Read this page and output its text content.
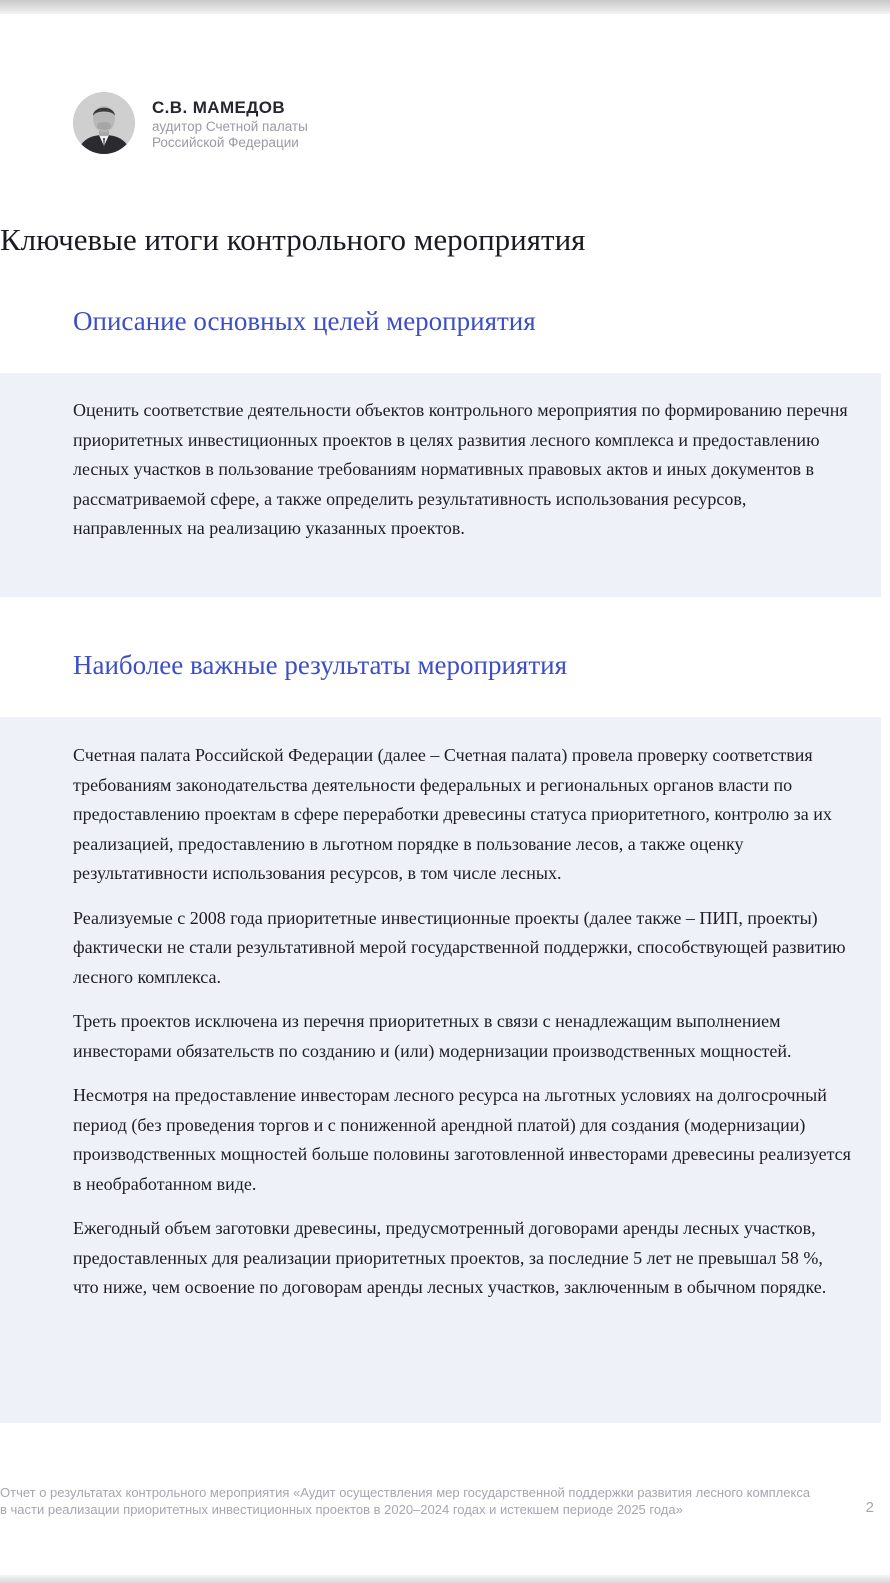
С.В. МАМЕДОВ
аудитор Счетной палаты
Российской Федерации
Ключевые итоги контрольного мероприятия
Описание основных целей мероприятия

Оценить соответствие деятельности объектов контрольного мероприятия по формированию перечня приоритетных инвестиционных проектов в целях развития лесного комплекса и предоставлению лесных участков в пользование требованиям нормативных правовых актов и иных документов в рассматриваемой сфере, а также определить результативность использования ресурсов, направленных на реализацию указанных проектов.

Наиболее важные результаты мероприятия

Счетная палата Российской Федерации (далее – Счетная палата) провела проверку соответствия требованиям законодательства деятельности федеральных и региональных органов власти по предоставлению проектам в сфере переработки древесины статуса приоритетного, контролю за их реализацией, предоставлению в льготном порядке в пользование лесов, а также оценку результативности использования ресурсов, в том числе лесных.

Реализуемые с 2008 года приоритетные инвестиционные проекты (далее также – ПИП, проекты) фактически не стали результативной мерой государственной поддержки, способствующей развитию лесного комплекса.

Треть проектов исключена из перечня приоритетных в связи с ненадлежащим выполнением инвесторами обязательств по созданию и (или) модернизации производственных мощностей.

Несмотря на предоставление инвесторам лесного ресурса на льготных условиях на долгосрочный период (без проведения торгов и с пониженной арендной платой) для создания (модернизации) производственных мощностей больше половины заготовленной инвесторами древесины реализуется в необработанном виде.

Ежегодный объем заготовки древесины, предусмотренный договорами аренды лесных участков, предоставленных для реализации приоритетных проектов, за последние 5 лет не превышал 58 %, что ниже, чем освоение по договорам аренды лесных участков, заключенным в обычном порядке.

Отчет о результатах контрольного мероприятия «Аудит осуществления мер государственной поддержки развития лесного комплекса в части реализации приоритетных инвестиционных проектов в 2020–2024 годах и истекшем периоде 2025 года»	2
